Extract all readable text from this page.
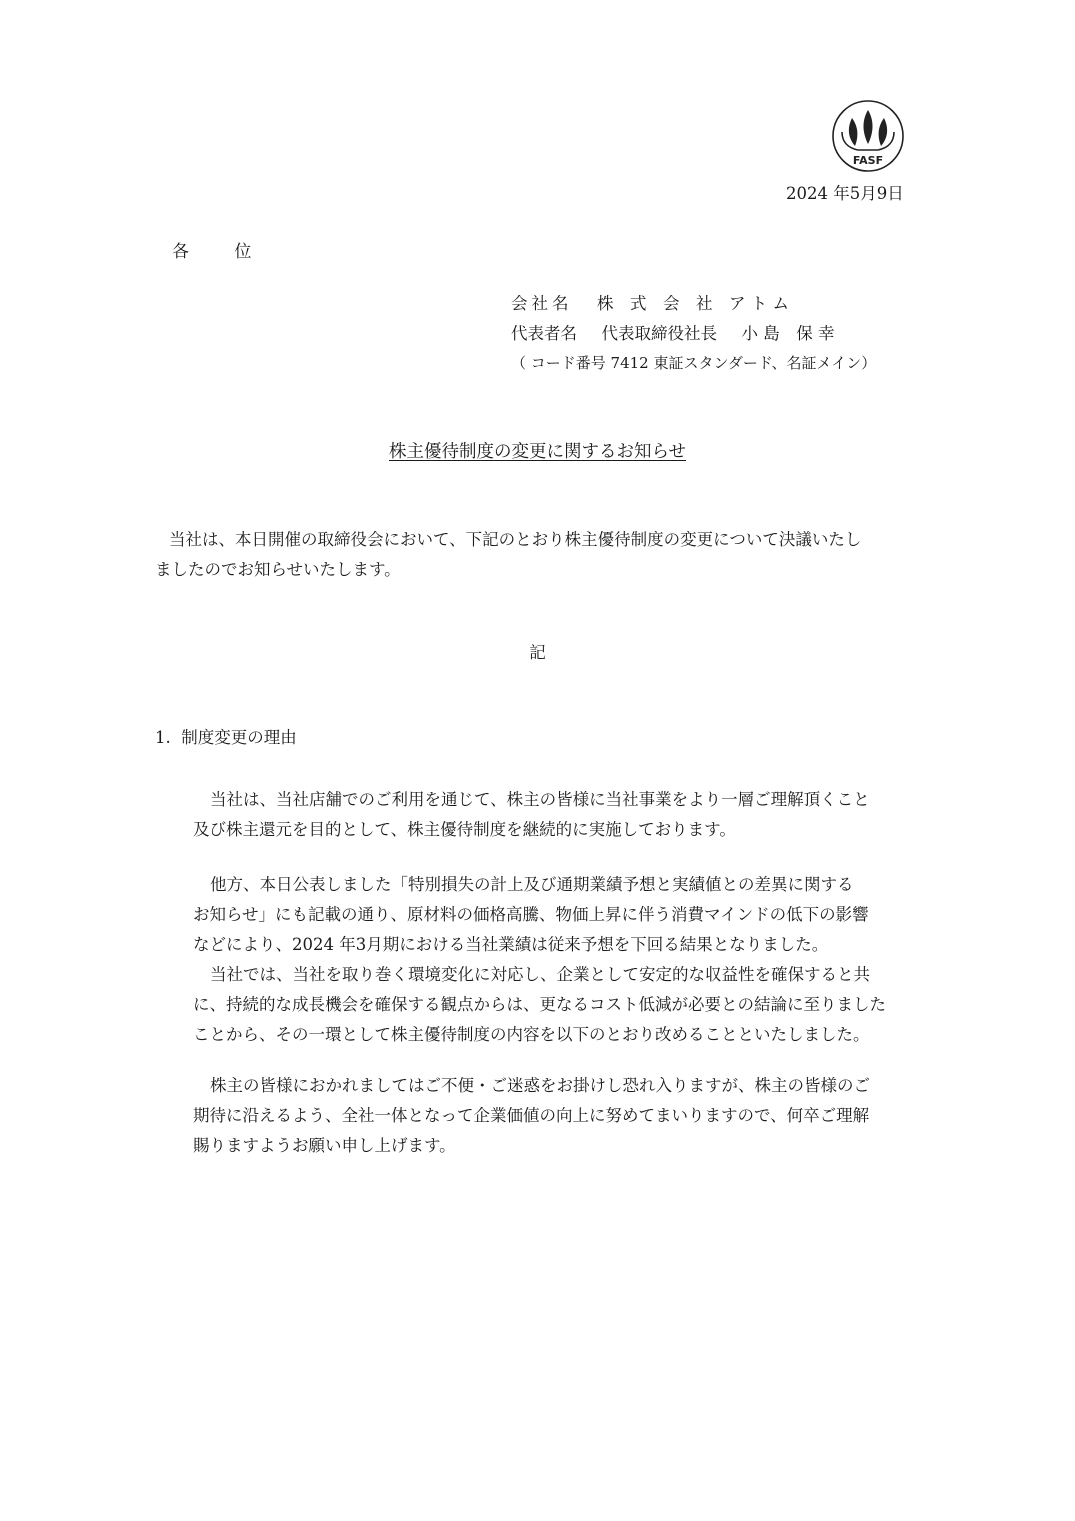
FASF
2024 年5月9日
各 位
会社名 株　式　会　社　ア ト ム
代表者名 代表取締役社長 小 島　保 幸
（ コード番号 7412 東証スタンダード、名証メイン）
株主優待制度の変更に関するお知らせ
当社は、本日開催の取締役会において、下記のとおり株主優待制度の変更について決議いたし
ましたのでお知らせいたします。
記
1.  制度変更の理由
当社は、当社店舗でのご利用を通じて、株主の皆様に当社事業をより一層ご理解頂くこと
及び株主還元を目的として、株主優待制度を継続的に実施しております。
他方、本日公表しました「特別損失の計上及び通期業績予想と実績値との差異に関する
お知らせ」にも記載の通り、原材料の価格高騰、物価上昇に伴う消費マインドの低下の影響
などにより、2024 年3月期における当社業績は従来予想を下回る結果となりました。
当社では、当社を取り巻く環境変化に対応し、企業として安定的な収益性を確保すると共
に、持続的な成長機会を確保する観点からは、更なるコスト低減が必要との結論に至りました
ことから、その一環として株主優待制度の内容を以下のとおり改めることといたしました。
株主の皆様におかれましてはご不便・ご迷惑をお掛けし恐れ入りますが、株主の皆様のご
期待に沿えるよう、全社一体となって企業価値の向上に努めてまいりますので、何卒ご理解
賜りますようお願い申し上げます。
